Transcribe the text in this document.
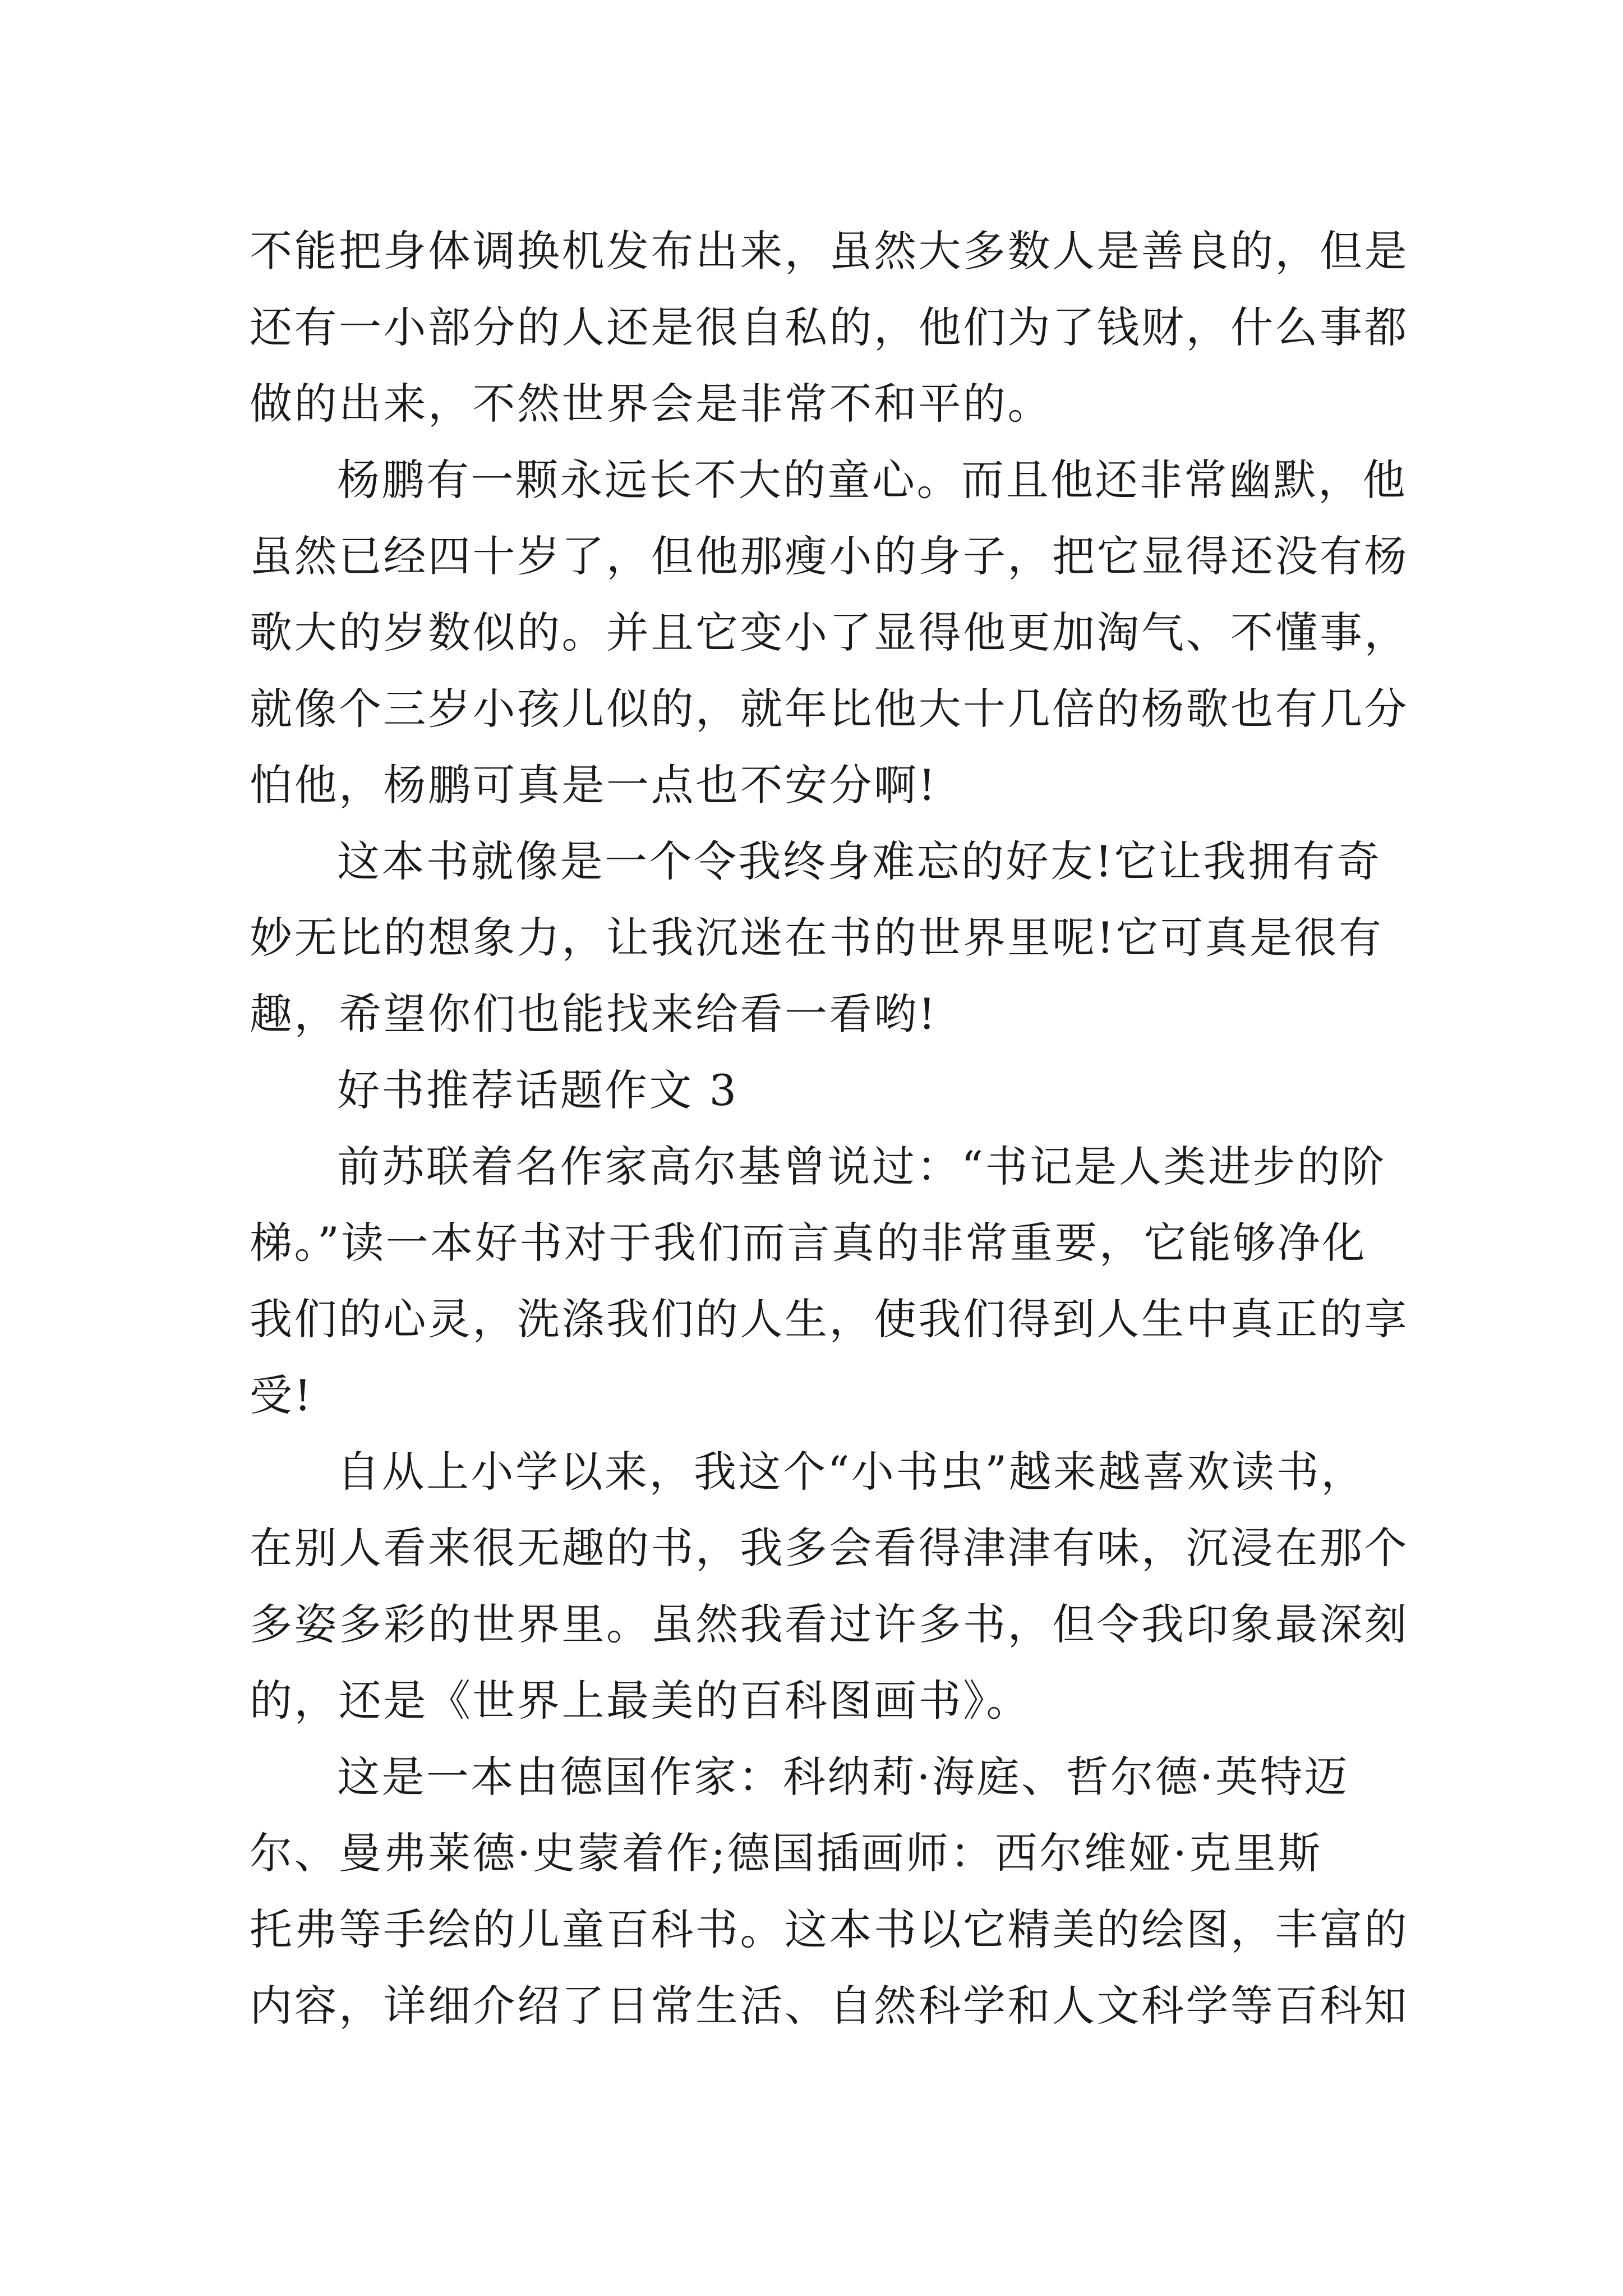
不能把身体调换机发布出来，虽然大多数人是善良的，但是
还有一小部分的人还是很自私的，他们为了钱财，什么事都
做的出来，不然世界会是非常不和平的。
杨鹏有一颗永远长不大的童心。而且他还非常幽默，他
虽然已经四十岁了，但他那瘦小的身子，把它显得还没有杨
歌大的岁数似的。并且它变小了显得他更加淘气、不懂事，
就像个三岁小孩儿似的，就年比他大十几倍的杨歌也有几分
怕他，杨鹏可真是一点也不安分啊!
这本书就像是一个令我终身难忘的好友!它让我拥有奇
妙无比的想象力，让我沉迷在书的世界里呢!它可真是很有
趣，希望你们也能找来给看一看哟!
好书推荐话题作文 3
前苏联着名作家高尔基曾说过：“书记是人类进步的阶
梯。”读一本好书对于我们而言真的非常重要，它能够净化
我们的心灵，洗涤我们的人生，使我们得到人生中真正的享
受!
自从上小学以来，我这个“小书虫”越来越喜欢读书，
在别人看来很无趣的书，我多会看得津津有味，沉浸在那个
多姿多彩的世界里。虽然我看过许多书，但令我印象最深刻
的，还是《世界上最美的百科图画书》。
这是一本由德国作家：科纳莉·海庭、哲尔德·英特迈
尔、曼弗莱德·史蒙着作;德国插画师：西尔维娅·克里斯
托弗等手绘的儿童百科书。这本书以它精美的绘图，丰富的
内容，详细介绍了日常生活、自然科学和人文科学等百科知
